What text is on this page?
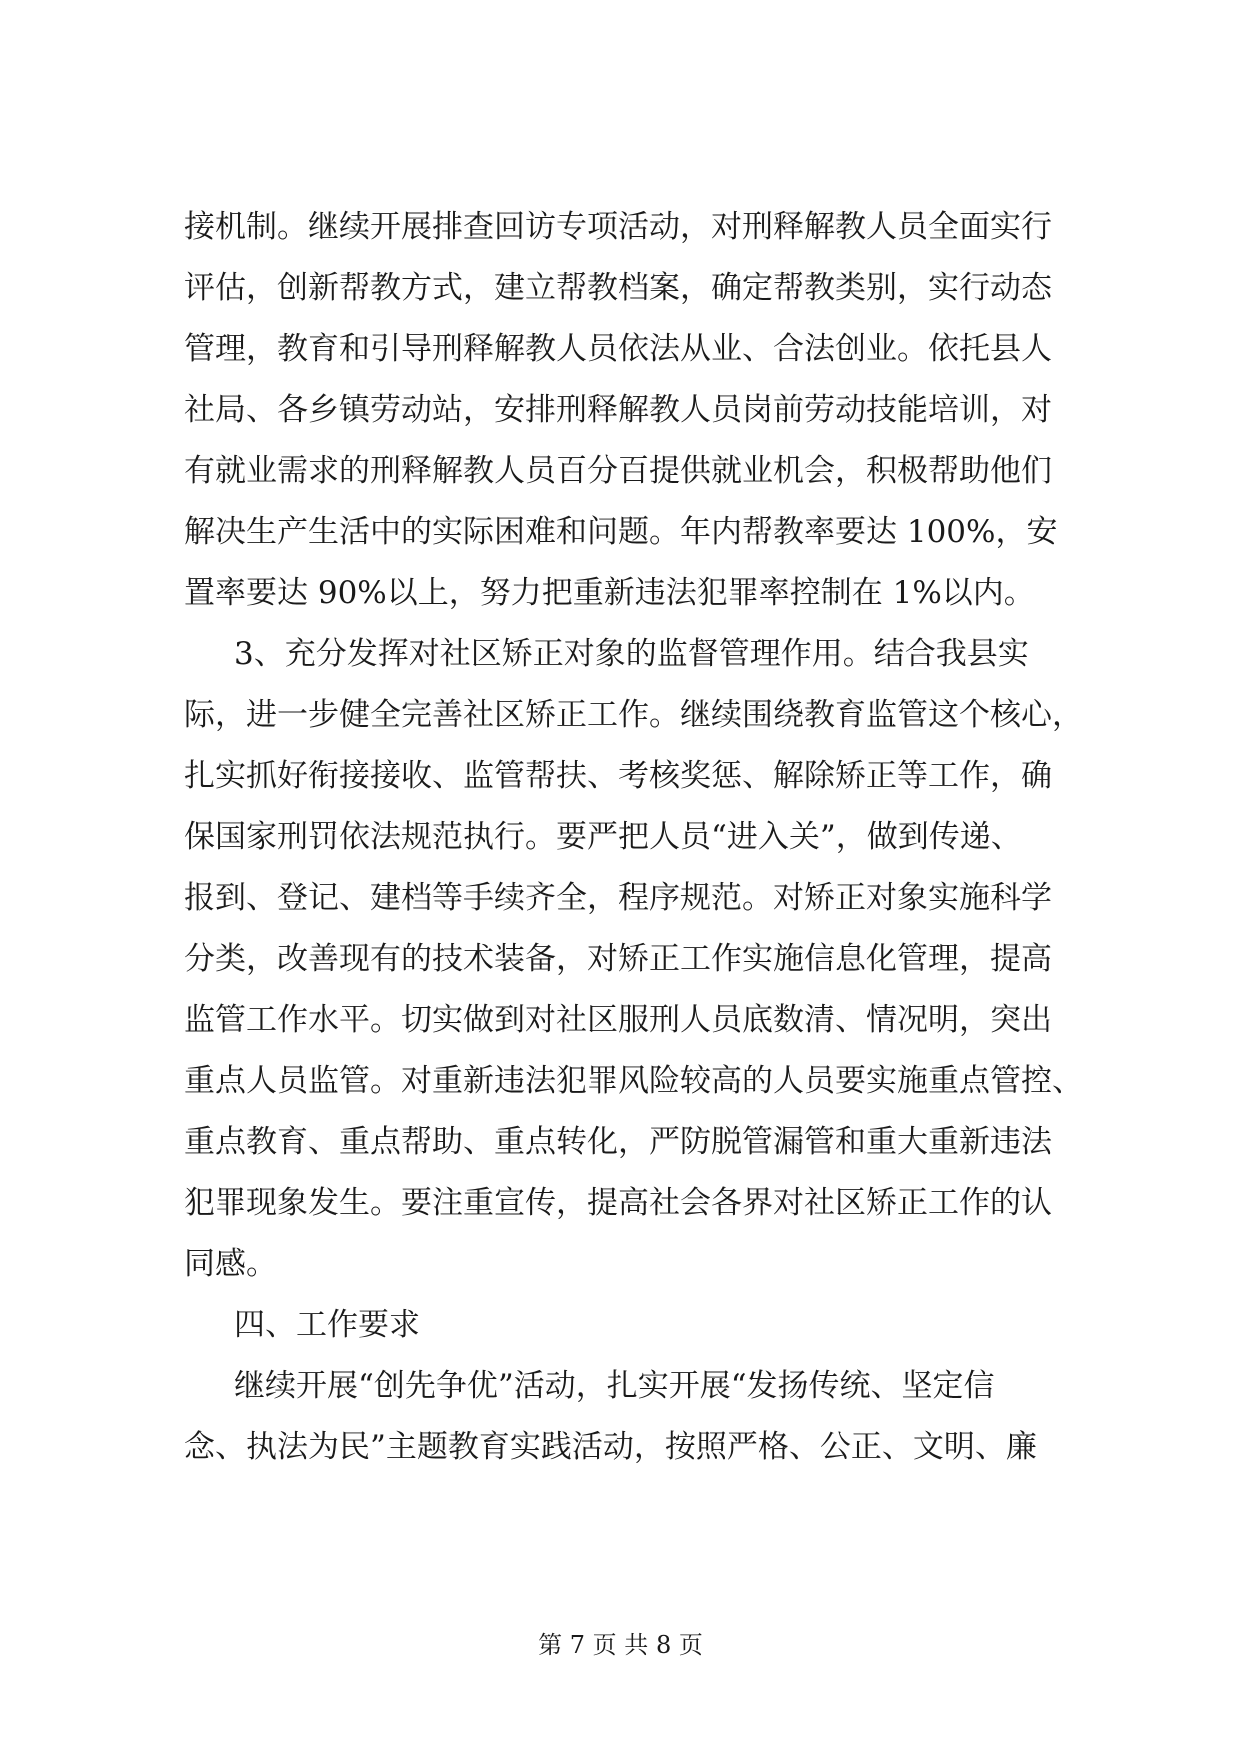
接机制。继续开展排查回访专项活动，对刑释解教人员全面实行
评估，创新帮教方式，建立帮教档案，确定帮教类别，实行动态
管理，教育和引导刑释解教人员依法从业、合法创业。依托县人
社局、各乡镇劳动站，安排刑释解教人员岗前劳动技能培训，对
有就业需求的刑释解教人员百分百提供就业机会，积极帮助他们
解决生产生活中的实际困难和问题。年内帮教率要达 100%，安
置率要达 90%以上，努力把重新违法犯罪率控制在 1%以内。
3、充分发挥对社区矫正对象的监督管理作用。结合我县实
际，进一步健全完善社区矫正工作。继续围绕教育监管这个核心，
扎实抓好衔接接收、监管帮扶、考核奖惩、解除矫正等工作，确
保国家刑罚依法规范执行。要严把人员“进入关”，做到传递、
报到、登记、建档等手续齐全，程序规范。对矫正对象实施科学
分类，改善现有的技术装备，对矫正工作实施信息化管理，提高
监管工作水平。切实做到对社区服刑人员底数清、情况明，突出
重点人员监管。对重新违法犯罪风险较高的人员要实施重点管控、
重点教育、重点帮助、重点转化，严防脱管漏管和重大重新违法
犯罪现象发生。要注重宣传，提高社会各界对社区矫正工作的认
同感。
四、工作要求
继续开展“创先争优”活动，扎实开展“发扬传统、坚定信
念、执法为民”主题教育实践活动，按照严格、公正、文明、廉
第 7 页 共 8 页
